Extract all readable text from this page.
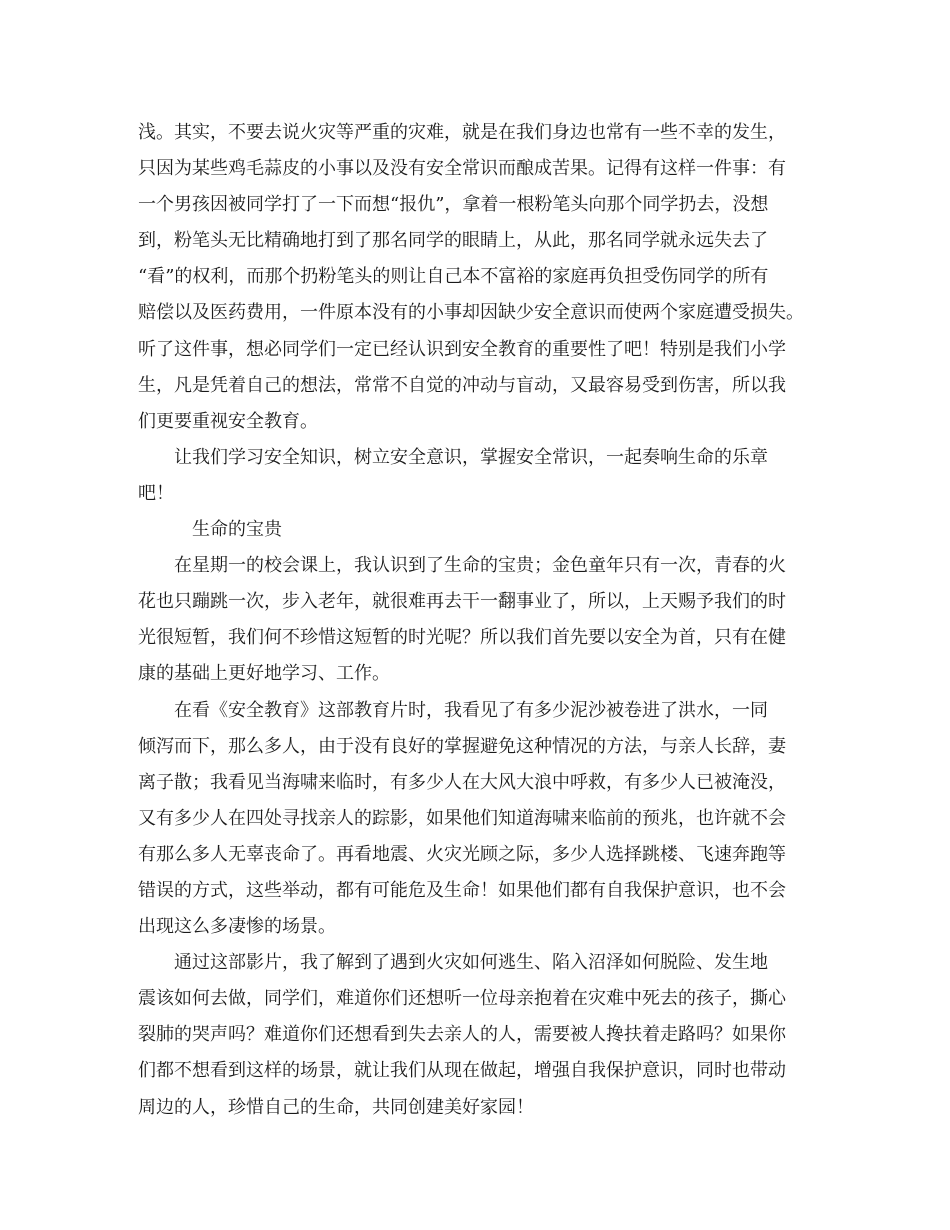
浅。其实，不要去说火灾等严重的灾难，就是在我们身边也常有一些不幸的发生，
只因为某些鸡毛蒜皮的小事以及没有安全常识而酿成苦果。记得有这样一件事：有
一个男孩因被同学打了一下而想“报仇”，拿着一根粉笔头向那个同学扔去，没想
到，粉笔头无比精确地打到了那名同学的眼睛上，从此，那名同学就永远失去了
“看”的权利，而那个扔粉笔头的则让自己本不富裕的家庭再负担受伤同学的所有
赔偿以及医药费用，一件原本没有的小事却因缺少安全意识而使两个家庭遭受损失。
听了这件事，想必同学们一定已经认识到安全教育的重要性了吧！特别是我们小学
生，凡是凭着自己的想法，常常不自觉的冲动与盲动，又最容易受到伤害，所以我
们更要重视安全教育。
　　让我们学习安全知识，树立安全意识，掌握安全常识，一起奏响生命的乐章
吧！
　　　生命的宝贵
　　在星期一的校会课上，我认识到了生命的宝贵；金色童年只有一次，青春的火
花也只蹦跳一次，步入老年，就很难再去干一翻事业了，所以，上天赐予我们的时
光很短暂，我们何不珍惜这短暂的时光呢？所以我们首先要以安全为首，只有在健
康的基础上更好地学习、工作。
　　在看《安全教育》这部教育片时，我看见了有多少泥沙被卷进了洪水，一同
倾泻而下，那么多人，由于没有良好的掌握避免这种情况的方法，与亲人长辞，妻
离子散；我看见当海啸来临时，有多少人在大风大浪中呼救，有多少人已被淹没，
又有多少人在四处寻找亲人的踪影，如果他们知道海啸来临前的预兆，也许就不会
有那么多人无辜丧命了。再看地震、火灾光顾之际，多少人选择跳楼、飞速奔跑等
错误的方式，这些举动，都有可能危及生命！如果他们都有自我保护意识，也不会
出现这么多凄惨的场景。
　　通过这部影片，我了解到了遇到火灾如何逃生、陷入沼泽如何脱险、发生地
震该如何去做，同学们，难道你们还想听一位母亲抱着在灾难中死去的孩子，撕心
裂肺的哭声吗？难道你们还想看到失去亲人的人，需要被人搀扶着走路吗？如果你
们都不想看到这样的场景，就让我们从现在做起，增强自我保护意识，同时也带动
周边的人，珍惜自己的生命，共同创建美好家园！
